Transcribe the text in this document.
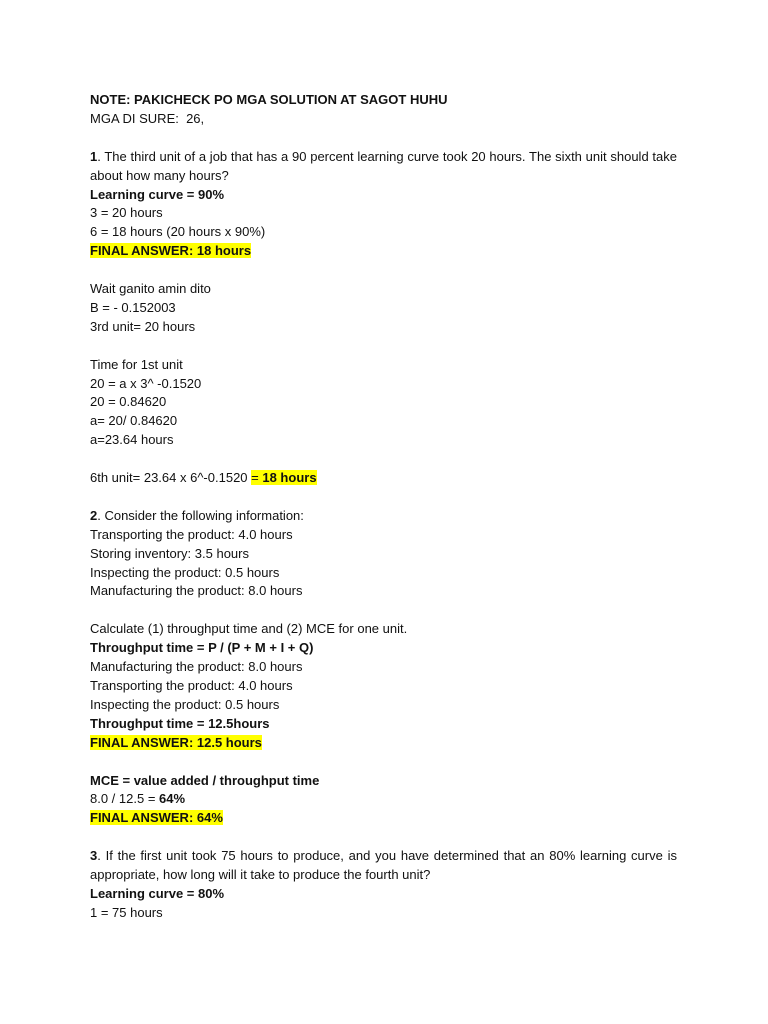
NOTE: PAKICHECK PO MGA SOLUTION AT SAGOT HUHU
MGA DI SURE:  26,
1. The third unit of a job that has a 90 percent learning curve took 20 hours. The sixth unit should take about how many hours?
Learning curve = 90%
3 = 20 hours
6 = 18 hours (20 hours x 90%)
FINAL ANSWER: 18 hours
Wait ganito amin dito
B = - 0.152003
3rd unit= 20 hours
Time for 1st unit
20 = a x 3^ -0.1520
20 = 0.84620
a= 20/ 0.84620
a=23.64 hours
6th unit= 23.64 x 6^-0.1520 = 18 hours
2. Consider the following information:
Transporting the product: 4.0 hours
Storing inventory: 3.5 hours
Inspecting the product: 0.5 hours
Manufacturing the product: 8.0 hours
Calculate (1) throughput time and (2) MCE for one unit.
Throughput time = P / (P + M + I + Q)
Manufacturing the product: 8.0 hours
Transporting the product: 4.0 hours
Inspecting the product: 0.5 hours
Throughput time = 12.5hours
FINAL ANSWER: 12.5 hours
MCE = value added / throughput time
8.0 / 12.5 = 64%
FINAL ANSWER: 64%
3. If the first unit took 75 hours to produce, and you have determined that an 80% learning curve is appropriate, how long will it take to produce the fourth unit?
Learning curve = 80%
1 = 75 hours
